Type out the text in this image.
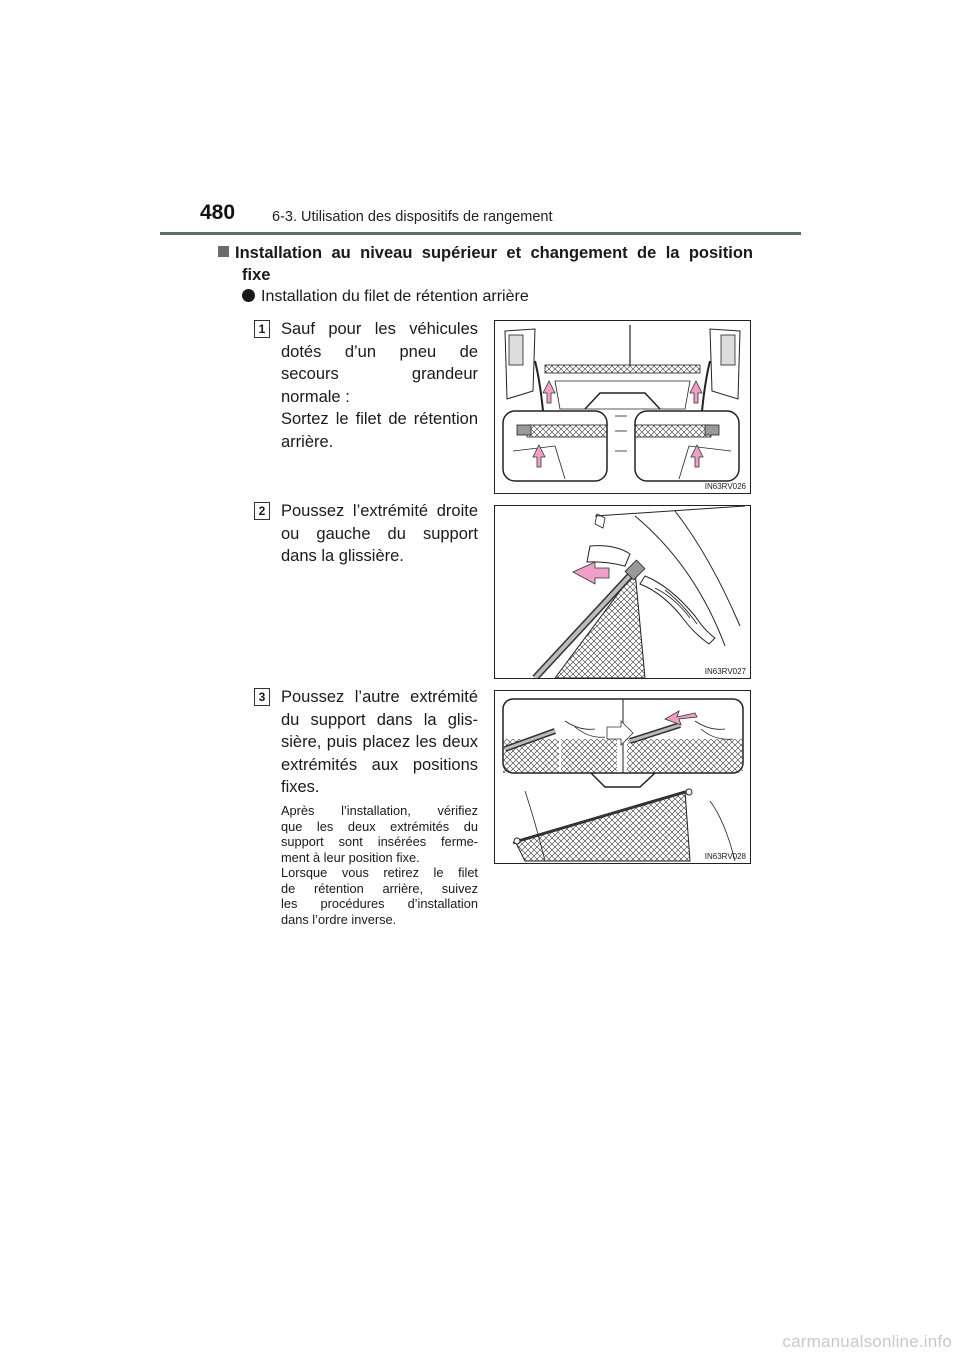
480	6-3. Utilisation des dispositifs de rangement
Installation au niveau supérieur et changement de la position
fixe
Installation du filet de rétention arrière
1 Sauf pour les véhicules
dotés d’un pneu de
secours grandeur
normale :
Sortez le filet de rétention
arrière.
IN63RV026
2 Poussez l’extrémité droite
ou gauche du support
dans la glissière.
IN63RV027
3 Poussez l’autre extrémité
du support dans la glis-
sière, puis placez les deux
extrémités aux positions
fixes.
Après l’installation, vérifiez
que les deux extrémités du
support sont insérées ferme-
ment à leur position fixe.
Lorsque vous retirez le filet
de rétention arrière, suivez
les procédures d’installation
dans l’ordre inverse.
IN63RV028
carmanualsonline.info
